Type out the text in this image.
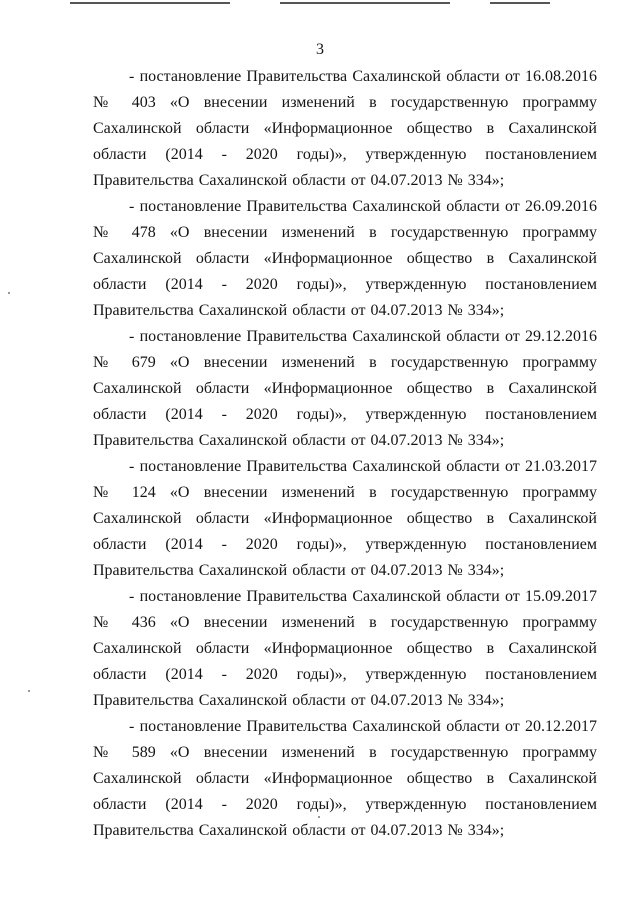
3

- постановление Правительства Сахалинской области от 16.08.2016 № 403 «О внесении изменений в государственную программу Сахалинской области «Информационное общество в Сахалинской области (2014 - 2020 годы)», утвержденную постановлением Правительства Сахалинской области от 04.07.2013 № 334»;

- постановление Правительства Сахалинской области от 26.09.2016 № 478 «О внесении изменений в государственную программу Сахалинской области «Информационное общество в Сахалинской области (2014 - 2020 годы)», утвержденную постановлением Правительства Сахалинской области от 04.07.2013 № 334»;

- постановление Правительства Сахалинской области от 29.12.2016 № 679 «О внесении изменений в государственную программу Сахалинской области «Информационное общество в Сахалинской области (2014 - 2020 годы)», утвержденную постановлением Правительства Сахалинской области от 04.07.2013 № 334»;

- постановление Правительства Сахалинской области от 21.03.2017 № 124 «О внесении изменений в государственную программу Сахалинской области «Информационное общество в Сахалинской области (2014 - 2020 годы)», утвержденную постановлением Правительства Сахалинской области от 04.07.2013 № 334»;

- постановление Правительства Сахалинской области от 15.09.2017 № 436 «О внесении изменений в государственную программу Сахалинской области «Информационное общество в Сахалинской области (2014 - 2020 годы)», утвержденную постановлением Правительства Сахалинской области от 04.07.2013 № 334»;

- постановление Правительства Сахалинской области от 20.12.2017 № 589 «О внесении изменений в государственную программу Сахалинской области «Информационное общество в Сахалинской области (2014 - 2020 годы)», утвержденную постановлением Правительства Сахалинской области от 04.07.2013 № 334»;
